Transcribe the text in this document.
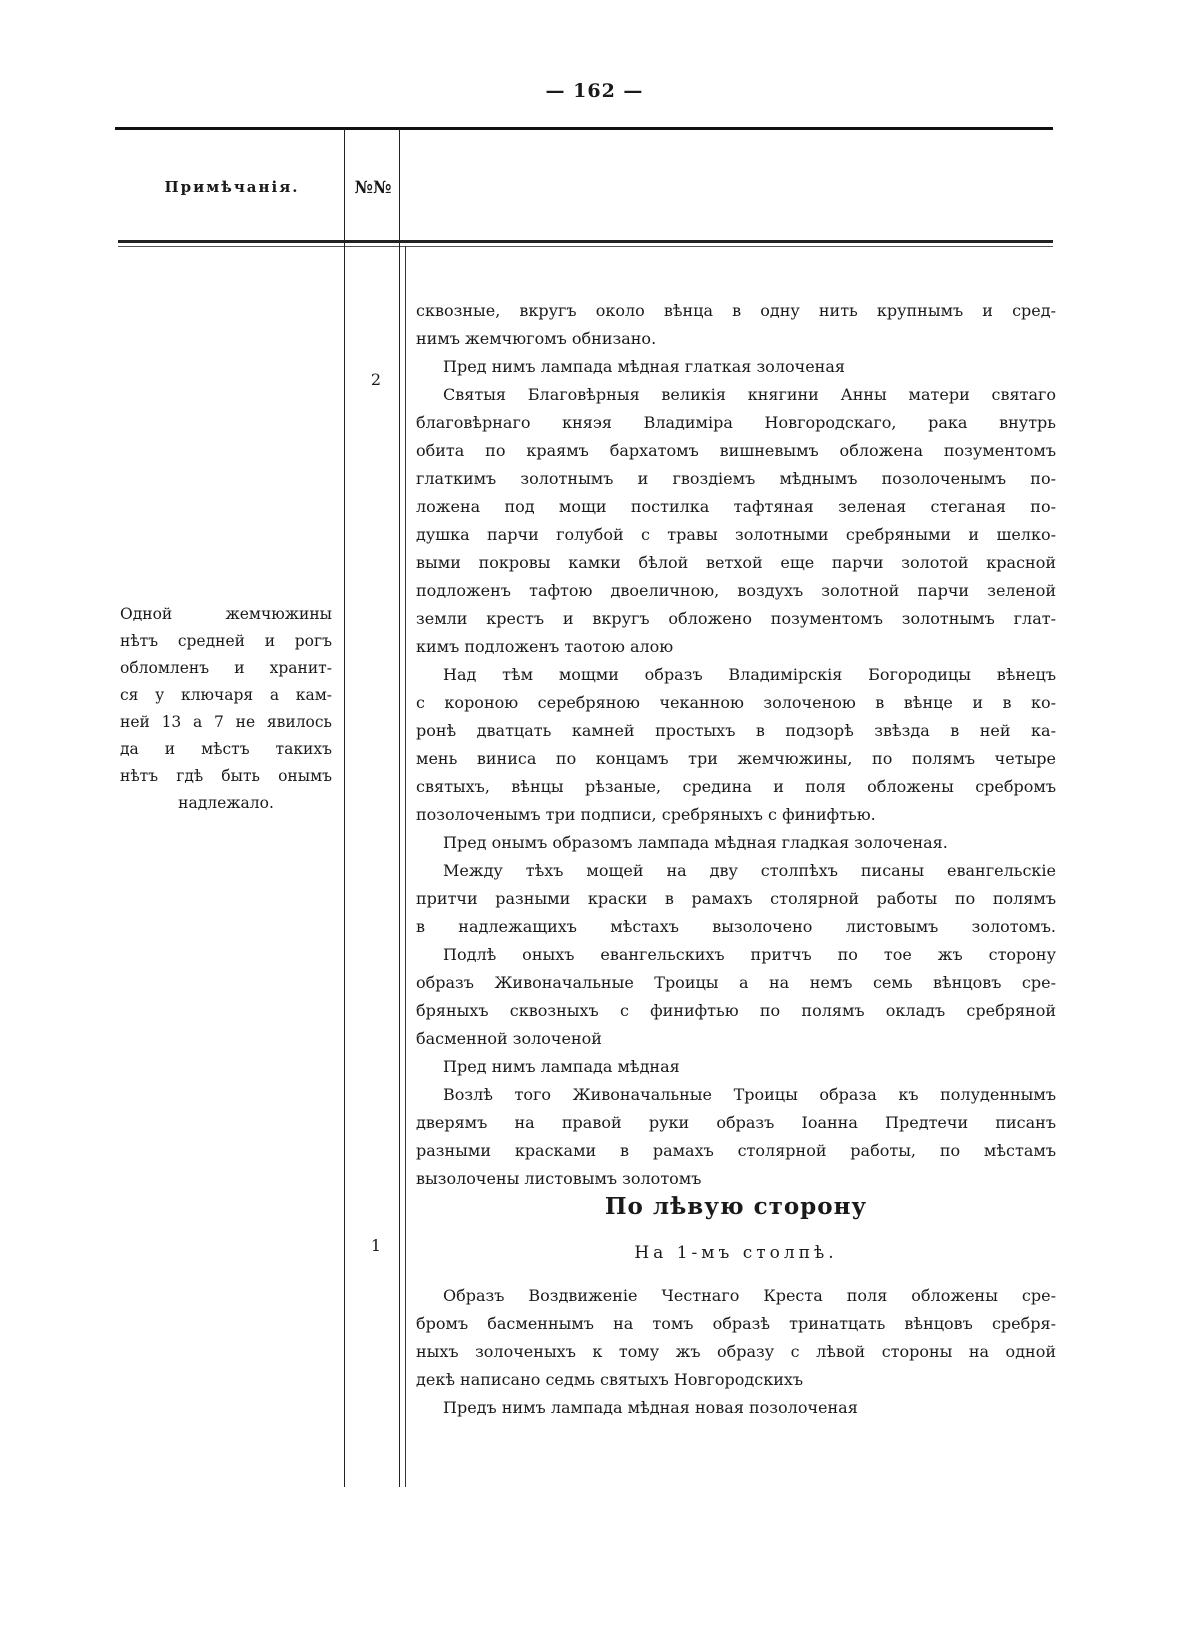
— 162 —
Примѣчанія.	№№
Одной жемчюжины
нѣтъ средней и рогъ
обломленъ и хранит-
ся у ключаря а кам-
ней 13 а 7 не явилось
да и мѣстъ такихъ
нѣтъ гдѣ быть онымъ
надлежало.
2
1
сквозные, вкругъ около вѣнца в одну нить крупнымъ и сред-
нимъ жемчюгомъ обнизано.
Пред нимъ лампада мѣдная глаткая золоченая
Святыя Благовѣрныя великія княгини Анны матери святаго
благовѣрнаго княэя Владиміра Новгородскаго, рака внутрь
обита по краямъ бархатомъ вишневымъ обложена позументомъ
глаткимъ золотнымъ и гвоздіемъ мѣднымъ позолоченымъ по-
ложена под мощи постилка тафтяная зеленая стеганая по-
душка парчи голубой с травы золотными сребряными и шелко-
выми покровы камки бѣлой ветхой еще парчи золотой красной
подложенъ тафтою двоеличною, воздухъ золотной парчи зеленой
земли крестъ и вкругъ обложено позументомъ золотнымъ глат-
кимъ подложенъ таотою алою
Над тѣм мощми образъ Владимірскія Богородицы вѣнецъ
с короною серебряною чеканною золоченою в вѣнце и в ко-
ронѣ дватцать камней простыхъ в подзорѣ звѣзда в ней ка-
мень виниса по концамъ три жемчюжины, по полямъ четыре
святыхъ, вѣнцы рѣзаные, средина и поля обложены сребромъ
позолоченымъ три подписи, сребряныхъ с финифтью.
Пред онымъ образомъ лампада мѣдная гладкая золоченая.
Между тѣхъ мощей на дву столпѣхъ писаны евангельскіе
притчи разными краски в рамахъ столярной работы по полямъ
в надлежащихъ мѣстахъ вызолочено листовымъ золотомъ.
Подлѣ оныхъ евангельскихъ притчъ по тое жъ сторону
образъ Живоначальные Троицы а на немъ семь вѣнцовъ сре-
бряныхъ сквозныхъ с финифтью по полямъ окладъ сребряной
басменной золоченой
Пред нимъ лампада мѣдная
Возлѣ того Живоначальные Троицы образа къ полуденнымъ
дверямъ на правой руки образъ Іоанна Предтечи писанъ
разными красками в рамахъ столярной работы, по мѣстамъ
вызолочены листовымъ золотомъ
По лѣвую сторону
На 1-мъ столпѣ.
Образъ Воздвиженіе Честнаго Креста поля обложены сре-
бромъ басменнымъ на томъ образѣ тринатцать вѣнцовъ сребря-
ныхъ золоченыхъ к тому жъ образу с лѣвой стороны на одной
декѣ написано седмь святыхъ Новгородскихъ
Предъ нимъ лампада мѣдная новая позолоченая
